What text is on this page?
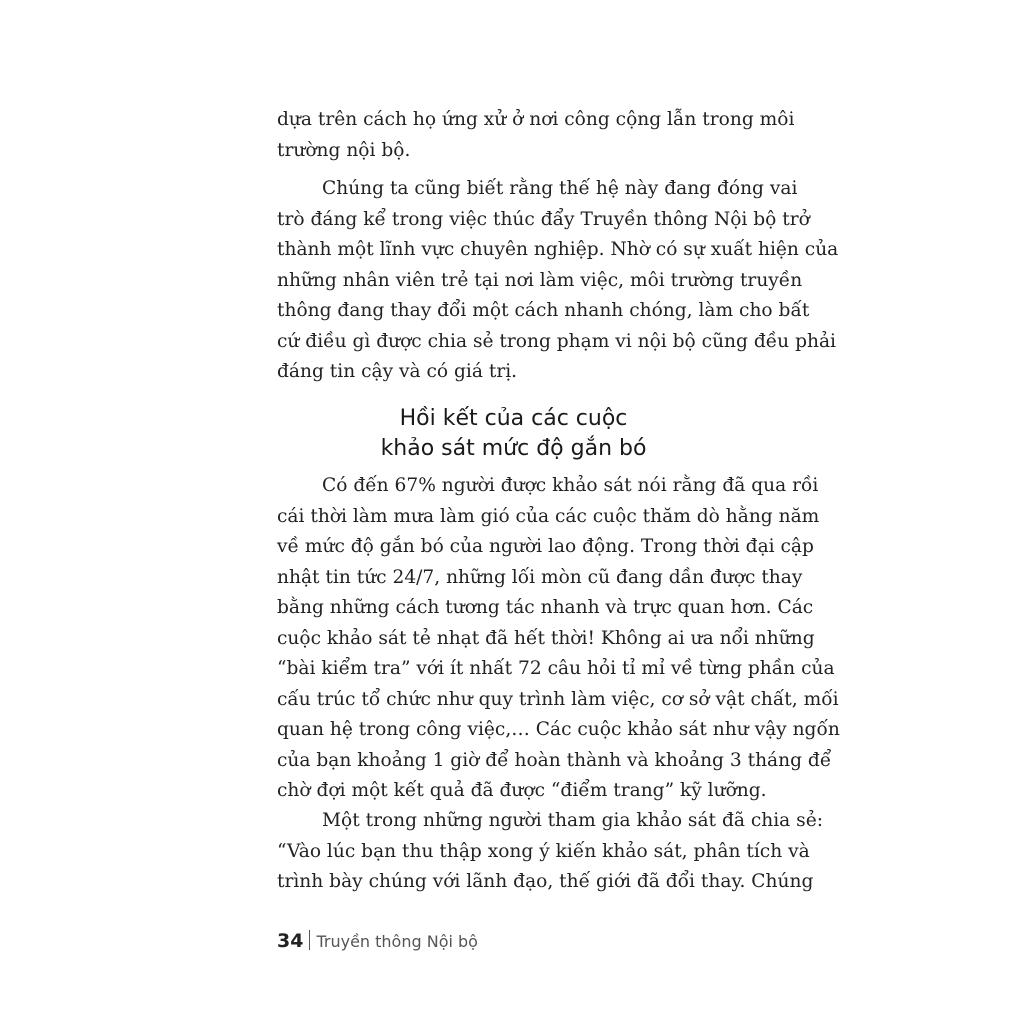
dựa trên cách họ ứng xử ở nơi công cộng lẫn trong môi
trường nội bộ.
Chúng ta cũng biết rằng thế hệ này đang đóng vai
trò đáng kể trong việc thúc đẩy Truyền thông Nội bộ trở
thành một lĩnh vực chuyên nghiệp. Nhờ có sự xuất hiện của
những nhân viên trẻ tại nơi làm việc, môi trường truyền
thông đang thay đổi một cách nhanh chóng, làm cho bất
cứ điều gì được chia sẻ trong phạm vi nội bộ cũng đều phải
đáng tin cậy và có giá trị.
Hồi kết của các cuộc
khảo sát mức độ gắn bó
Có đến 67% người được khảo sát nói rằng đã qua rồi
cái thời làm mưa làm gió của các cuộc thăm dò hằng năm
về mức độ gắn bó của người lao động. Trong thời đại cập
nhật tin tức 24/7, những lối mòn cũ đang dần được thay
bằng những cách tương tác nhanh và trực quan hơn. Các
cuộc khảo sát tẻ nhạt đã hết thời! Không ai ưa nổi những
“bài kiểm tra” với ít nhất 72 câu hỏi tỉ mỉ về từng phần của
cấu trúc tổ chức như quy trình làm việc, cơ sở vật chất, mối
quan hệ trong công việc,… Các cuộc khảo sát như vậy ngốn
của bạn khoảng 1 giờ để hoàn thành và khoảng 3 tháng để
chờ đợi một kết quả đã được “điểm trang” kỹ lưỡng.
Một trong những người tham gia khảo sát đã chia sẻ:
“Vào lúc bạn thu thập xong ý kiến khảo sát, phân tích và
trình bày chúng với lãnh đạo, thế giới đã đổi thay. Chúng
34 Truyền thông Nội bộ
